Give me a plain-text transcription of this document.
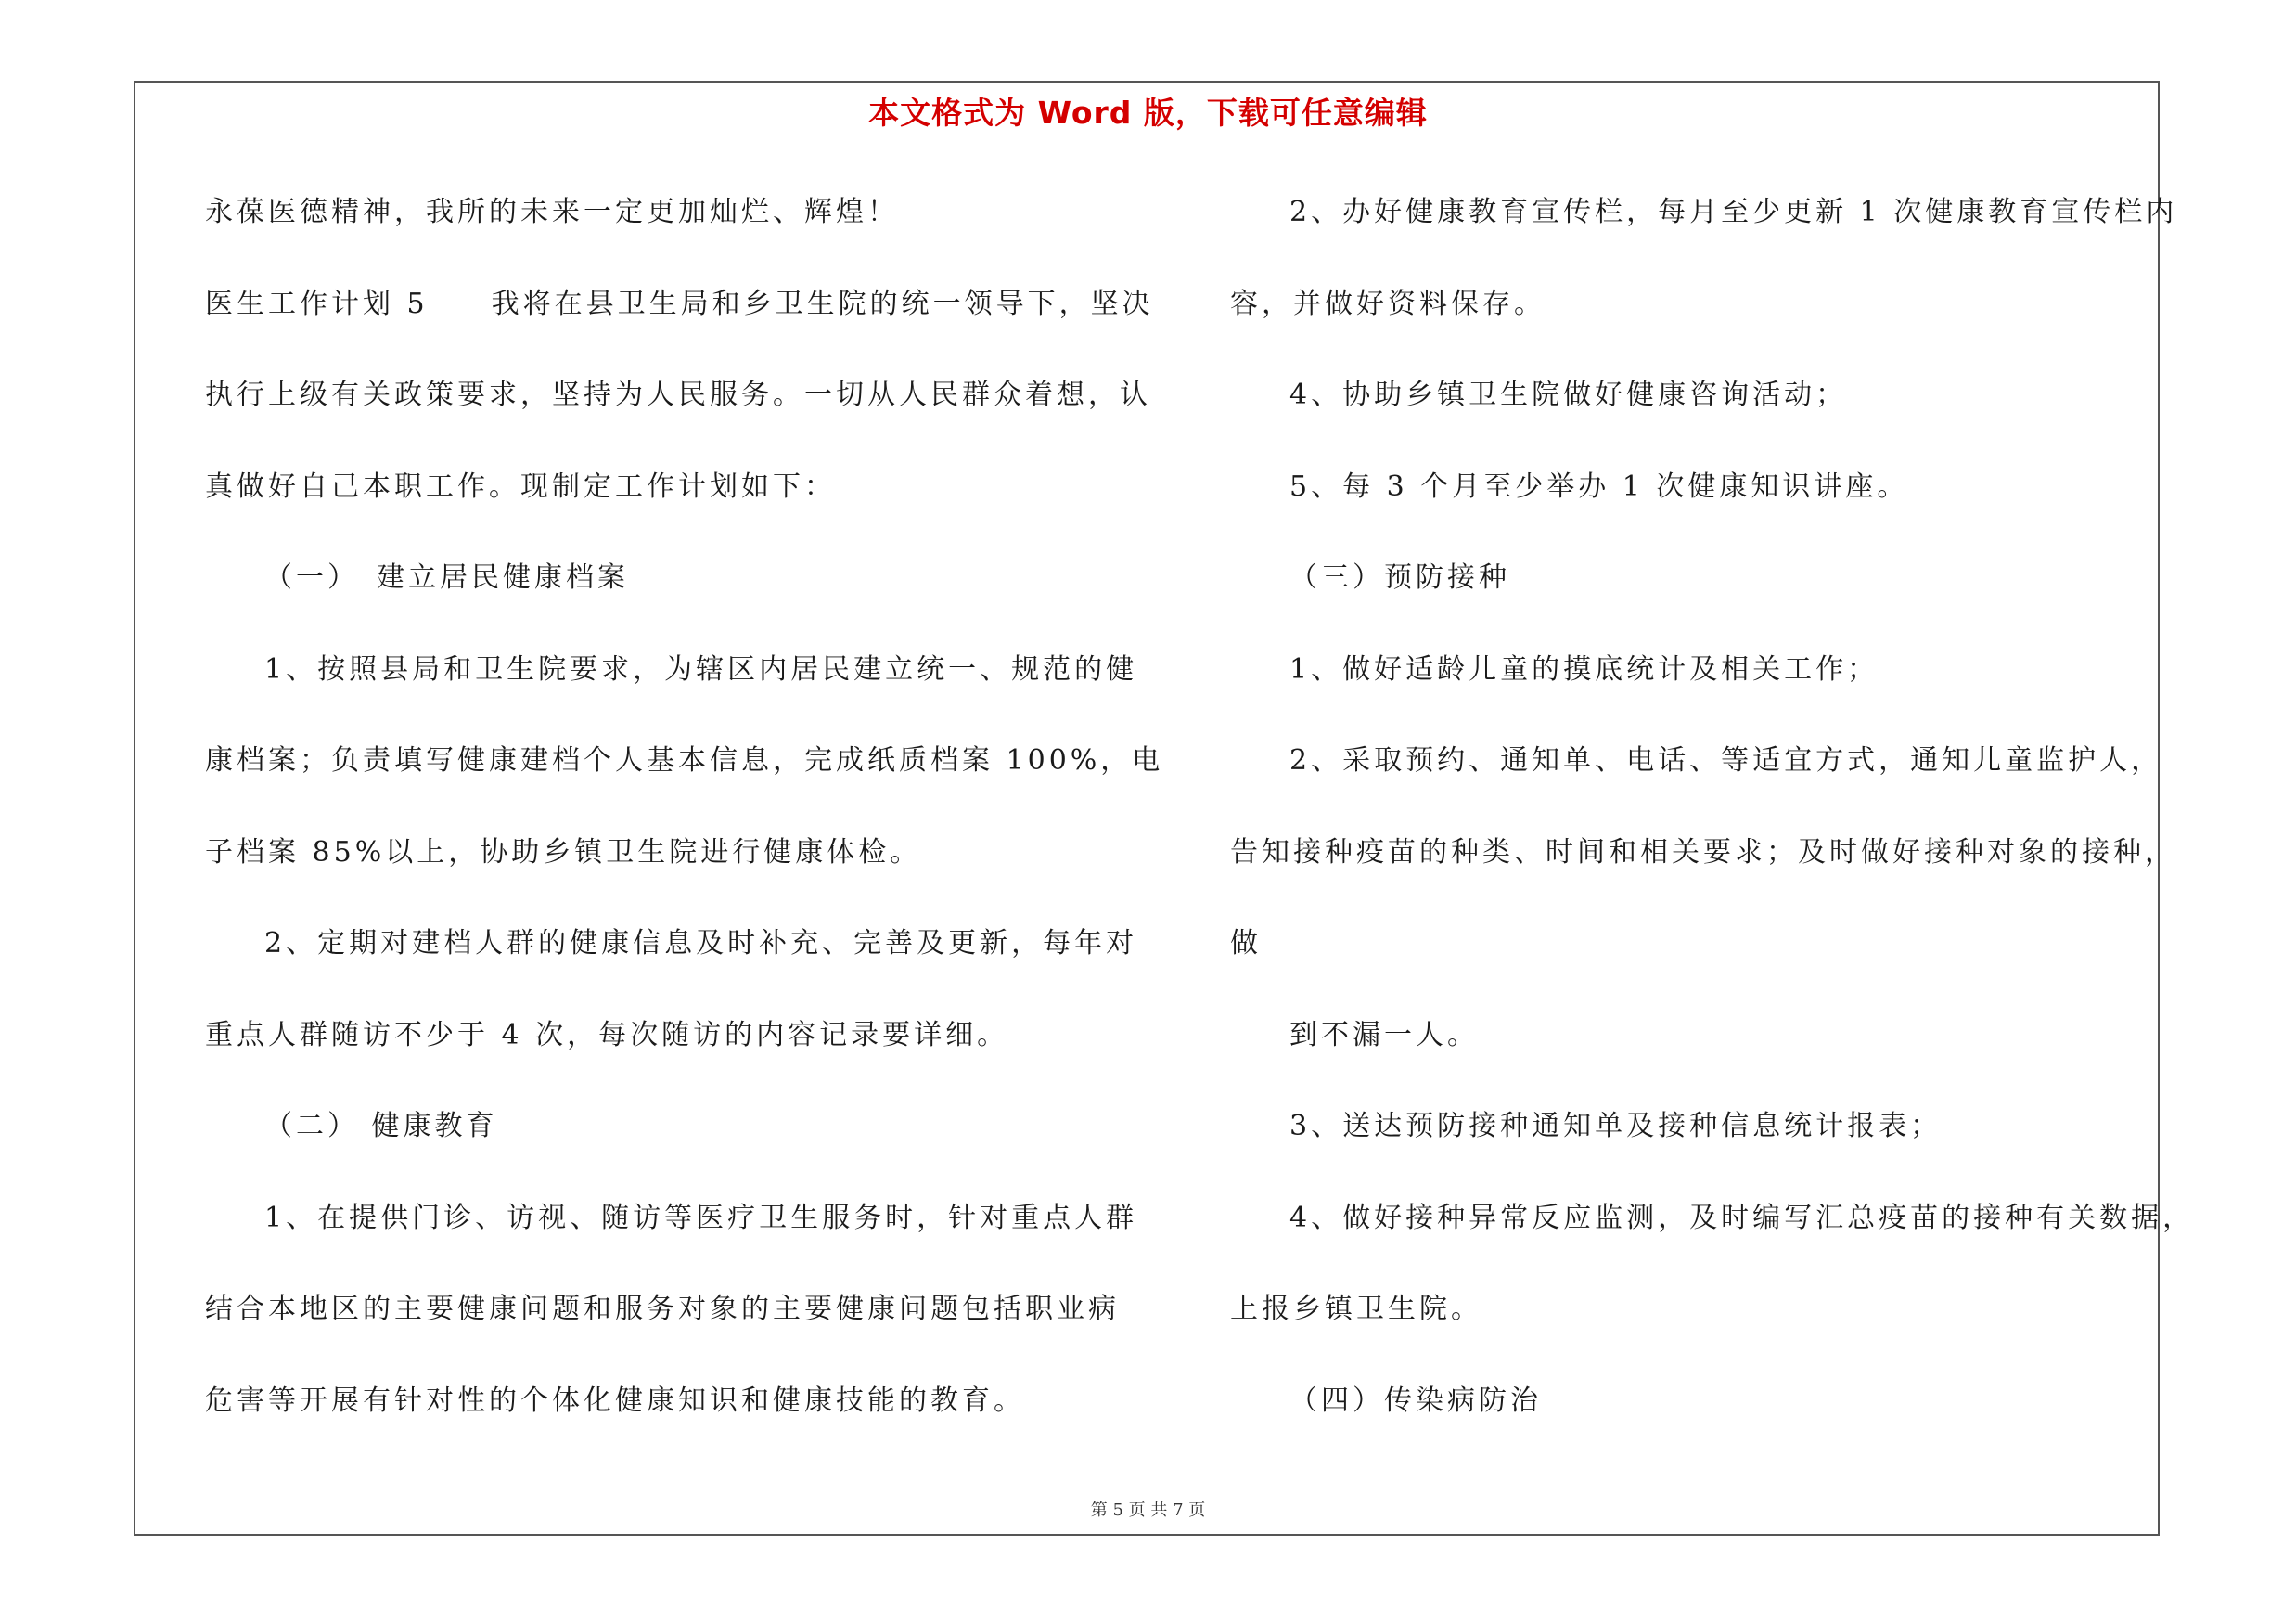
本文格式为 Word 版，下载可任意编辑
永葆医德精神，我所的未来一定更加灿烂、辉煌！
医生工作计划 5　　我将在县卫生局和乡卫生院的统一领导下，坚决
执行上级有关政策要求，坚持为人民服务。一切从人民群众着想，认
真做好自己本职工作。现制定工作计划如下：
（一）　建立居民健康档案
1、按照县局和卫生院要求，为辖区内居民建立统一、规范的健
康档案；负责填写健康建档个人基本信息，完成纸质档案 100%，电
子档案 85%以上，协助乡镇卫生院进行健康体检。
2、定期对建档人群的健康信息及时补充、完善及更新，每年对
重点人群随访不少于 4 次，每次随访的内容记录要详细。
（二） 健康教育
1、在提供门诊、访视、随访等医疗卫生服务时，针对重点人群
结合本地区的主要健康问题和服务对象的主要健康问题包括职业病
危害等开展有针对性的个体化健康知识和健康技能的教育。
2、办好健康教育宣传栏，每月至少更新 1 次健康教育宣传栏内
容，并做好资料保存。
4、协助乡镇卫生院做好健康咨询活动；
5、每 3 个月至少举办 1 次健康知识讲座。
（三）预防接种
1、做好适龄儿童的摸底统计及相关工作；
2、采取预约、通知单、电话、等适宜方式，通知儿童监护人，
告知接种疫苗的种类、时间和相关要求；及时做好接种对象的接种，
做
到不漏一人。
3、送达预防接种通知单及接种信息统计报表；
4、做好接种异常反应监测，及时编写汇总疫苗的接种有关数据，
上报乡镇卫生院。
（四）传染病防治
第 5 页 共 7 页
